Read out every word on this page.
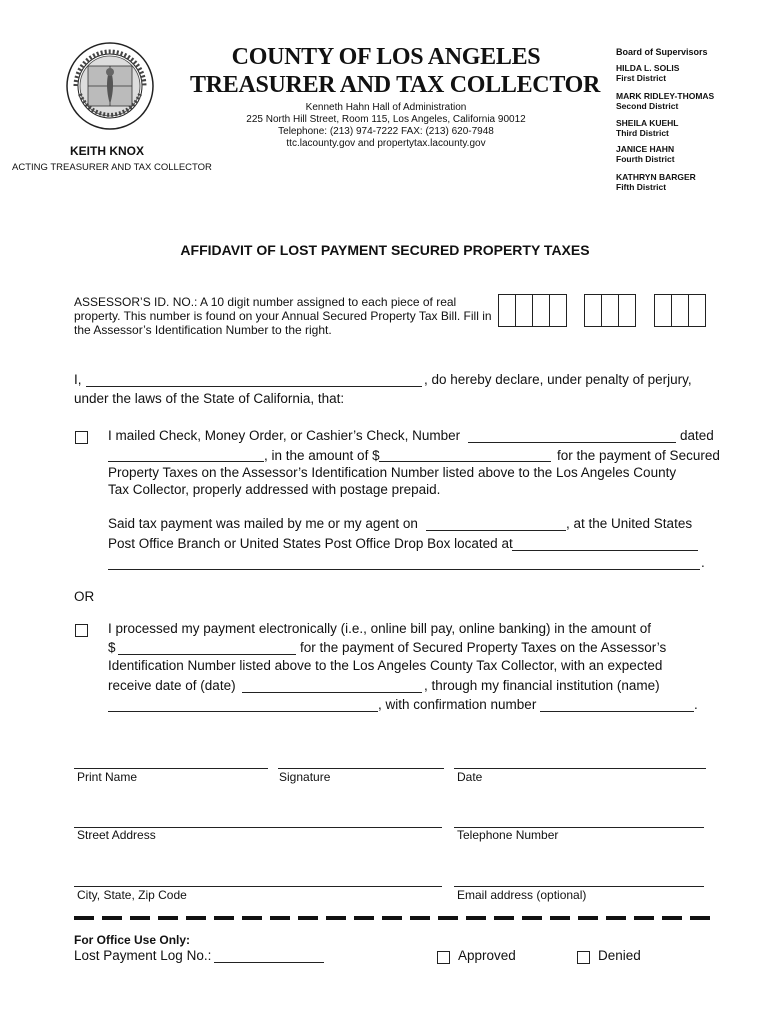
COUNTY OF LOS ANGELES
TREASURER AND TAX COLLECTOR
Kenneth Hahn Hall of Administration
225 North Hill Street, Room 115, Los Angeles, California 90012
Telephone: (213) 974-7222 FAX: (213) 620-7948
ttc.lacounty.gov and propertytax.lacounty.gov
KEITH KNOX
ACTING TREASURER AND TAX COLLECTOR
Board of Supervisors
HILDA L. SOLIS
First District
MARK RIDLEY-THOMAS
Second District
SHEILA KUEHL
Third District
JANICE HAHN
Fourth District
KATHRYN BARGER
Fifth District
AFFIDAVIT OF LOST PAYMENT SECURED PROPERTY TAXES
ASSESSOR’S ID. NO.: A 10 digit number assigned to each piece of real property. This number is found on your Annual Secured Property Tax Bill. Fill in the Assessor’s Identification Number to the right.
I,	, do hereby declare, under penalty of perjury,
under the laws of the State of California, that:
I mailed Check, Money Order, or Cashier’s Check, Number	dated
, in the amount of $	for the payment of Secured
Property Taxes on the Assessor’s Identification Number listed above to the Los Angeles County
Tax Collector, properly addressed with postage prepaid.
Said tax payment was mailed by me or my agent on	, at the United States
Post Office Branch or United States Post Office Drop Box located at
.
OR
I processed my payment electronically (i.e., online bill pay, online banking) in the amount of
$	for the payment of Secured Property Taxes on the Assessor’s
Identification Number listed above to the Los Angeles County Tax Collector, with an expected
receive date of (date)	, through my financial institution (name)
, with confirmation number	.
Print Name	Signature	Date
Street Address	Telephone Number
City, State, Zip Code	Email address (optional)
For Office Use Only:
Lost Payment Log No.:	Approved	Denied
